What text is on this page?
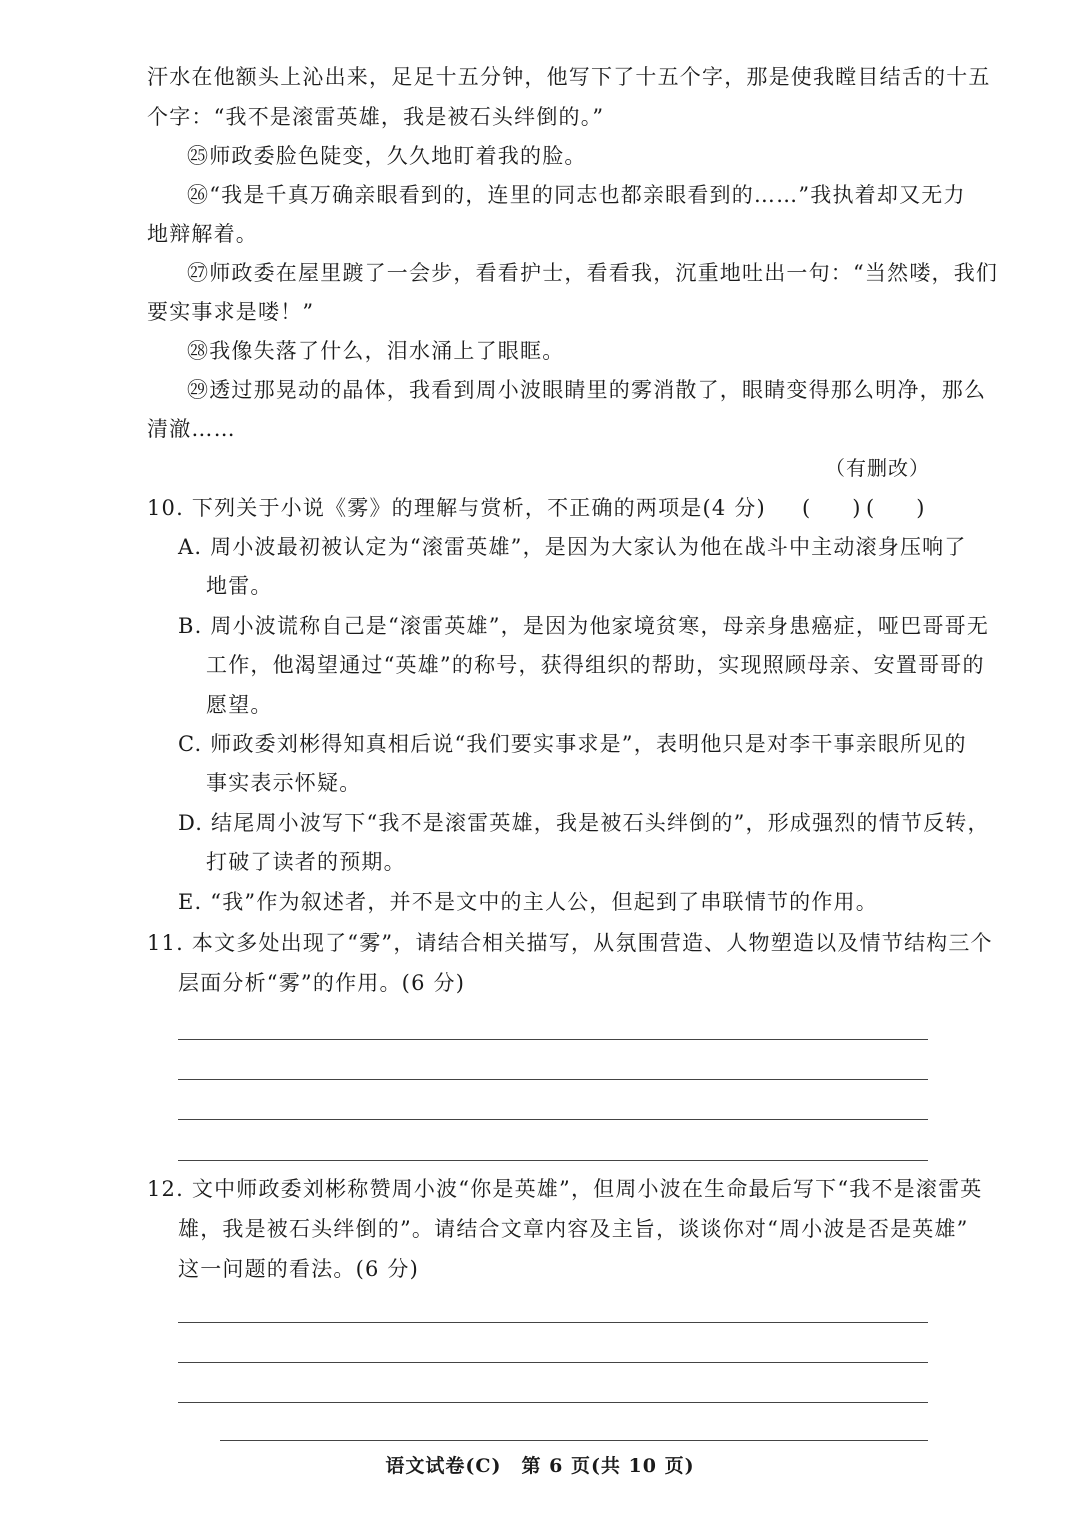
汗水在他额头上沁出来，足足十五分钟，他写下了十五个字，那是使我瞠目结舌的十五
个字：“我不是滚雷英雄，我是被石头绊倒的。”
㉕师政委脸色陡变，久久地盯着我的脸。
㉖“我是千真万确亲眼看到的，连里的同志也都亲眼看到的……”我执着却又无力
地辩解着。
㉗师政委在屋里踱了一会步，看看护士，看看我，沉重地吐出一句：“当然喽，我们
要实事求是喽！”
㉘我像失落了什么，泪水涌上了眼眶。
㉙透过那晃动的晶体，我看到周小波眼睛里的雾消散了，眼睛变得那么明净，那么
清澈……
（有删改）
10. 下列关于小说《雾》的理解与赏析，不正确的两项是(4 分) (　　) (　　)
A. 周小波最初被认定为“滚雷英雄”，是因为大家认为他在战斗中主动滚身压响了
地雷。
B. 周小波谎称自己是“滚雷英雄”，是因为他家境贫寒，母亲身患癌症，哑巴哥哥无
工作，他渴望通过“英雄”的称号，获得组织的帮助，实现照顾母亲、安置哥哥的
愿望。
C. 师政委刘彬得知真相后说“我们要实事求是”，表明他只是对李干事亲眼所见的
事实表示怀疑。
D. 结尾周小波写下“我不是滚雷英雄，我是被石头绊倒的”，形成强烈的情节反转，
打破了读者的预期。
E. “我”作为叙述者，并不是文中的主人公，但起到了串联情节的作用。
11. 本文多处出现了“雾”，请结合相关描写，从氛围营造、人物塑造以及情节结构三个
层面分析“雾”的作用。(6 分)
12. 文中师政委刘彬称赞周小波“你是英雄”，但周小波在生命最后写下“我不是滚雷英
雄，我是被石头绊倒的”。请结合文章内容及主旨，谈谈你对“周小波是否是英雄”
这一问题的看法。(6 分)
语文试卷(C)　第 6 页(共 10 页)
